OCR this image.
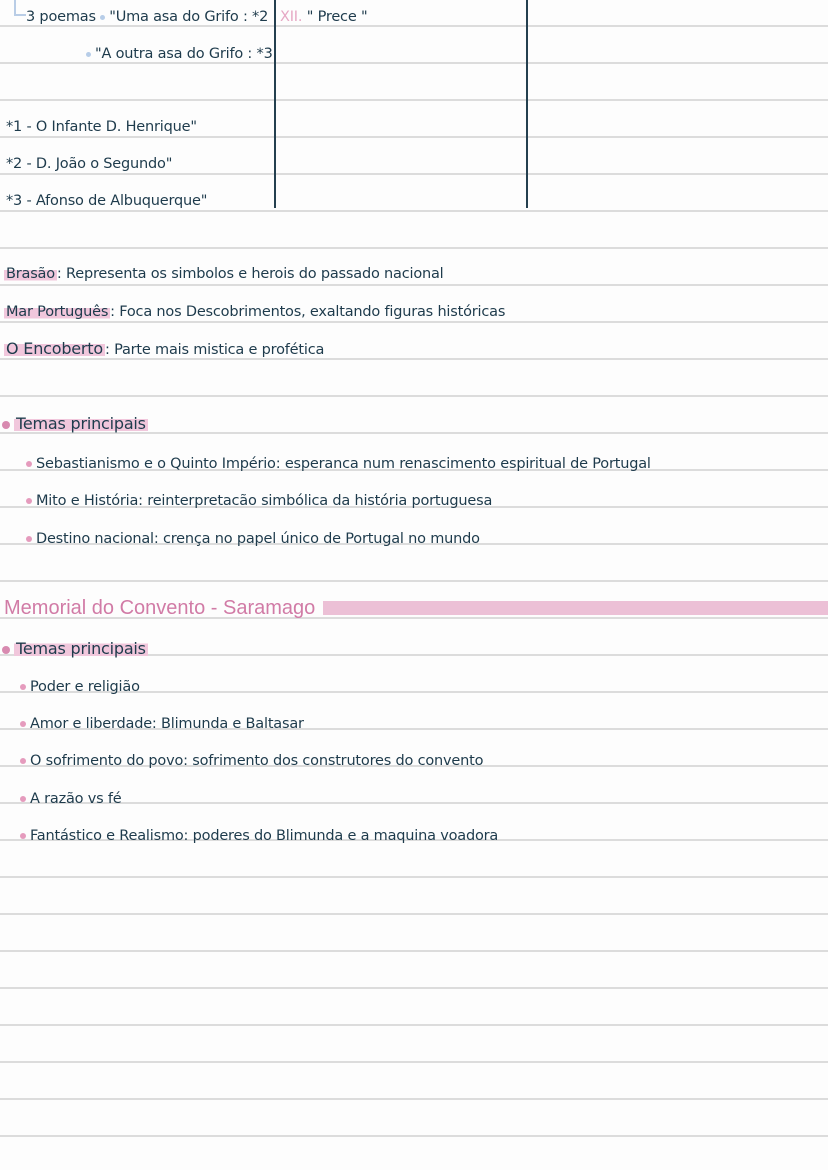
3 poemas "Uma asa do Grifo : *2
"A outra asa do Grifo : *3
XII. " Prece "
*1 - O Infante D. Henrique"
*2 - D. João o Segundo"
*3 - Afonso de Albuquerque"
Brasão : Representa os simbolos e herois do passado nacional
Mar Português : Foca nos Descobrimentos, exaltando figuras históricas
O Encoberto : Parte mais mistica e profética
Temas principais
Sebastianismo e o Quinto Império: esperanca num renascimento espiritual de Portugal
Mito e História: reinterpretacão simbólica da história portuguesa
Destino nacional: crença no papel único de Portugal no mundo
Memorial do Convento - Saramago
Temas principais
Poder e religião
Amor e liberdade: Blimunda e Baltasar
O sofrimento do povo: sofrimento dos construtores do convento
A razão vs fé
Fantástico e Realismo: poderes do Blimunda e a maquina voadora
